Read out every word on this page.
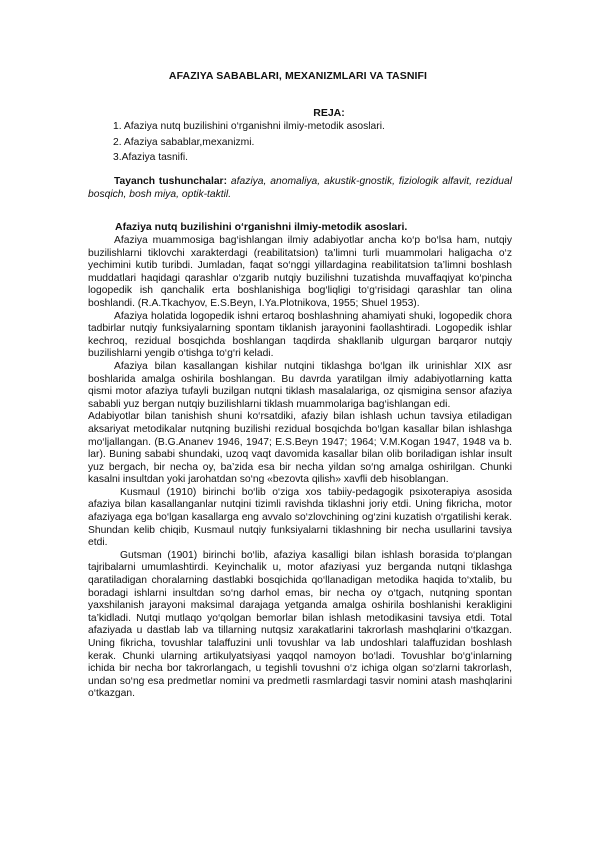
AFAZIYA SABABLARI, MEXANIZMLARI VA TASNIFI
REJA:
1. Afaziya nutq buzilishini o‘rganishni ilmiy-metodik asoslari.
2. Afaziya sabablar,mexanizmi.
3.Afaziya tasnifi.
Tayanch tushunchalar: afaziya, anomaliya, akustik-gnostik, fiziologik alfavit, rezidual bosqich, bosh miya, optik-taktil.
Afaziya nutq buzilishini o‘rganishni ilmiy-metodik asoslari.

Afaziya muammosiga bag‘ishlangan ilmiy adabiyotlar ancha ko‘p bo‘lsa ham, nutqiy buzilishlarni tiklovchi xarakterdagi (reabilitatsion) ta’limni turli muammolari haligacha o‘z yechimini kutib turibdi. Jumladan, faqat so‘nggi yillardagina reabilitatsion ta’limni boshlash muddatlari haqidagi qarashlar o‘zgarib nutqiy buzilishni tuzatishda muvaffaqiyat ko‘pincha logopedik ish qanchalik erta boshlanishiga bog‘liqligi to‘g‘risidagi qarashlar tan olina boshlandi. (R.A.Tkachyov, E.S.Beyn, I.Ya.Plotnikova, 1955; Shuel 1953).

Afaziya holatida logopedik ishni ertaroq boshlashning ahamiyati shuki, logopedik chora tadbirlar nutqiy funksiyalarning spontam tiklanish jarayonini faollashtiradi. Logopedik ishlar kechroq, rezidual bosqichda boshlangan taqdirda shakllanib ulgurgan barqaror nutqiy buzilishlarni yengib o‘tishga to‘g‘ri keladi.

Afaziya bilan kasallangan kishilar nutqini tiklashga bo‘lgan ilk urinishlar XIX asr boshlarida amalga oshirila boshlangan. Bu davrda yaratilgan ilmiy adabiyotlarning katta qismi motor afaziya tufayli buzilgan nutqni tiklash masalalariga, oz qismigina sensor afaziya sababli yuz bergan nutqiy buzilishlarni tiklash muammolariga bag‘ishlangan edi.

Adabiyotlar bilan tanishish shuni ko‘rsatdiki, afaziy bilan ishlash uchun tavsiya etiladigan aksariyat metodikalar nutqning buzilishi rezidual bosqichda bo‘lgan kasallar bilan ishlashga mo‘ljallangan. (B.G.Ananev 1946, 1947; E.S.Beyn 1947; 1964; V.M.Kogan 1947, 1948 va b. lar). Buning sababi shundaki, uzoq vaqt davomida kasallar bilan olib boriladigan ishlar insult yuz bergach, bir necha oy, ba’zida esa bir necha yildan so‘ng amalga oshirilgan. Chunki kasalni insultdan yoki jarohatdan so‘ng «bezovta qilish» xavfli deb hisoblangan.

Kusmaul (1910) birinchi bo‘lib o‘ziga xos tabiiy-pedagogik psixoterapiya asosida afaziya bilan kasallanganlar nutqini tizimli ravishda tiklashni joriy etdi. Uning fikricha, motor afaziyaga ega bo‘lgan kasallarga eng avvalo so‘zlovchining og‘zini kuzatish o‘rgatilishi kerak. Shundan kelib chiqib, Kusmaul nutqiy funksiyalarni tiklashning bir necha usullarini tavsiya etdi.

Gutsman (1901) birinchi bo‘lib, afaziya kasalligi bilan ishlash borasida to‘plangan tajribalarni umumlashtirdi. Keyinchalik u, motor afaziyasi yuz berganda nutqni tiklashga qaratiladigan choralarning dastlabki bosqichida qo‘llanadigan metodika haqida to‘xtalib, bu boradagi ishlarni insultdan so‘ng darhol emas, bir necha oy o‘tgach, nutqning spontan yaxshilanish jarayoni maksimal darajaga yetganda amalga oshirila boshlanishi kerakligini ta’kidladi. Nutqi mutlaqo yo‘qolgan bemorlar bilan ishlash metodikasini tavsiya etdi. Total afaziyada u dastlab lab va tillarning nutqsiz xarakatlarini takrorlash mashqlarini o‘tkazgan. Uning fikricha, tovushlar talaffuzini unli tovushlar va lab undoshlari talaffuzidan boshlash kerak. Chunki ularning artikulyatsiyasi yaqqol namoyon bo‘ladi. Tovushlar bo‘g‘inlarning ichida bir necha bor takrorlangach, u tegishli tovushni o‘z ichiga olgan so‘zlarni takrorlash, undan so‘ng esa predmetlar nomini va predmetli rasmlardagi tasvir nomini atash mashqlarini o‘tkazgan.
